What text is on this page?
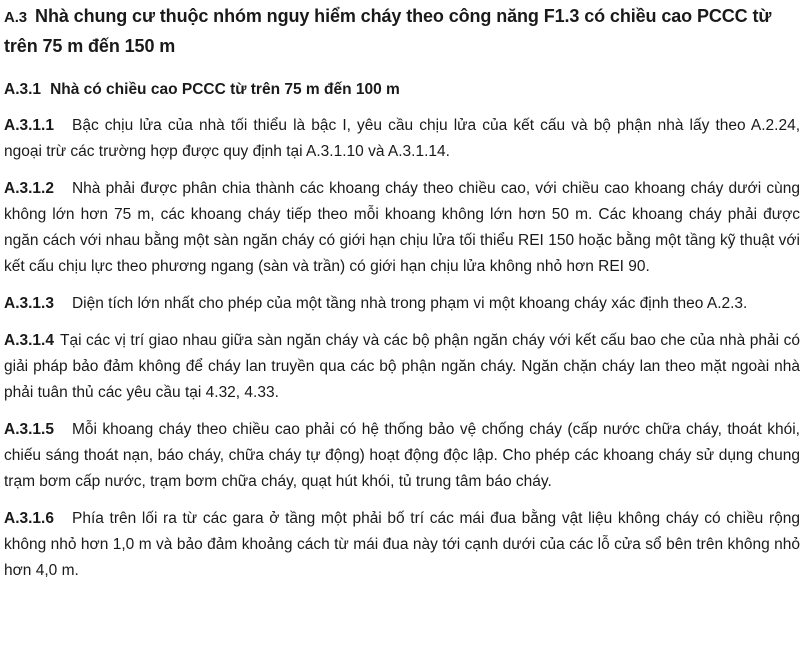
A.3 Nhà chung cư thuộc nhóm nguy hiểm cháy theo công năng F1.3 có chiều cao PCCC từ trên 75 m đến 150 m
A.3.1 Nhà có chiều cao PCCC từ trên 75 m đến 100 m

A.3.1.1 Bậc chịu lửa của nhà tối thiểu là bậc I, yêu cầu chịu lửa của kết cấu và bộ phận nhà lấy theo A.2.24, ngoại trừ các trường hợp được quy định tại A.3.1.10 và A.3.1.14.

A.3.1.2 Nhà phải được phân chia thành các khoang cháy theo chiều cao, với chiều cao khoang cháy dưới cùng không lớn hơn 75 m, các khoang cháy tiếp theo mỗi khoang không lớn hơn 50 m. Các khoang cháy phải được ngăn cách với nhau bằng một sàn ngăn cháy có giới hạn chịu lửa tối thiểu REI 150 hoặc bằng một tầng kỹ thuật với kết cấu chịu lực theo phương ngang (sàn và trần) có giới hạn chịu lửa không nhỏ hơn REI 90.

A.3.1.3 Diện tích lớn nhất cho phép của một tầng nhà trong phạm vi một khoang cháy xác định theo A.2.3.

A.3.1.4 Tại các vị trí giao nhau giữa sàn ngăn cháy và các bộ phận ngăn cháy với kết cấu bao che của nhà phải có giải pháp bảo đảm không để cháy lan truyền qua các bộ phận ngăn cháy. Ngăn chặn cháy lan theo mặt ngoài nhà phải tuân thủ các yêu cầu tại 4.32, 4.33.

A.3.1.5 Mỗi khoang cháy theo chiều cao phải có hệ thống bảo vệ chống cháy (cấp nước chữa cháy, thoát khói, chiếu sáng thoát nạn, báo cháy, chữa cháy tự động) hoạt động độc lập. Cho phép các khoang cháy sử dụng chung trạm bơm cấp nước, trạm bơm chữa cháy, quạt hút khói, tủ trung tâm báo cháy.

A.3.1.6 Phía trên lối ra từ các gara ở tầng một phải bố trí các mái đua bằng vật liệu không cháy có chiều rộng không nhỏ hơn 1,0 m và bảo đảm khoảng cách từ mái đua này tới cạnh dưới của các lỗ cửa sổ bên trên không nhỏ hơn 4,0 m.
